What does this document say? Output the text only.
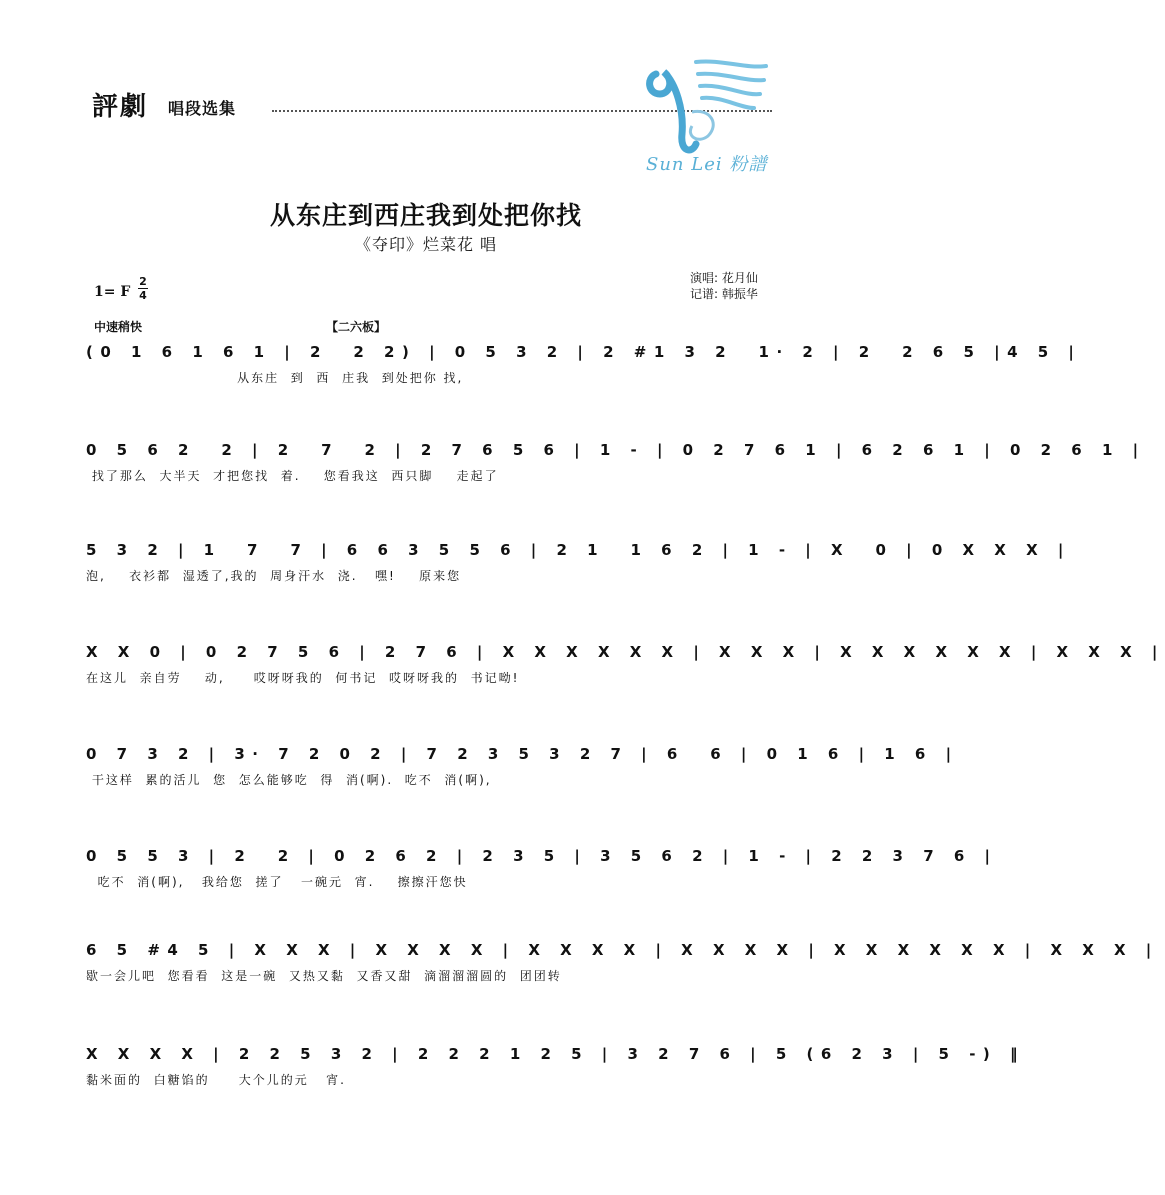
評劇 唱段选集
Sun Lei 粉譜
从东庄到西庄我到处把你找
《夺印》烂菜花 唱
1= F
2
4
演唱: 花月仙
记谱: 韩振华
中速稍快	【二六板】
(0 1 6 1 6 1 | 2  2 2) | 0 5 3 2 | 2 #1 3 2  1· 2 | 2  2 6 5 |4 5 |
从东庄  到  西  庄我  到处把你 找,
0 5 6 2  2 | 2  7  2 | 2 7 6 5 6 | 1 - | 0 2 7 6 1 | 6 2 6 1 | 0 2 6 1 |
找了那么  大半天  才把您找  着.    您看我这  西只脚    走起了
5 3 2 | 1  7  7 | 6 6 3 5 5 6 | 2 1  1 6 2 | 1 - | X  0 | 0 X X X |
泡,    衣衫都  湿透了,我的  周身汗水  浇.   嘿!    原来您
X X 0 | 0 2 7 5 6 | 2 7 6 | X X X X X X | X X X | X X X X X X | X X X |
在这儿  亲自劳    动,     哎呀呀我的  何书记  哎呀呀我的  书记呦!
0 7 3 2 | 3· 7 2 0 2 | 7 2 3 5 3 2 7 | 6  6 | 0 1 6 | 1 6 |
干这样  累的活儿  您  怎么能够吃  得  消(啊).  吃不  消(啊),
0 5 5 3 | 2  2 | 0 2 6 2 | 2 3 5 | 3 5 6 2 | 1 - | 2 2 3 7 6 |
吃不  消(啊),   我给您  搓了   一碗元  宵.    擦擦汗您快
6 5 #4 5 | X X X | X X X X | X X X X | X X X X | X X X X X X | X X X |
歇一会儿吧  您看看  这是一碗  又热又黏  又香又甜  滴溜溜溜圆的  团团转
X X X X | 2 2 5 3 2 | 2 2 2 1 2 5 | 3 2 7 6 | 5 (6 2 3 | 5 -) ‖
黏米面的  白糖馅的     大个儿的元   宵.
